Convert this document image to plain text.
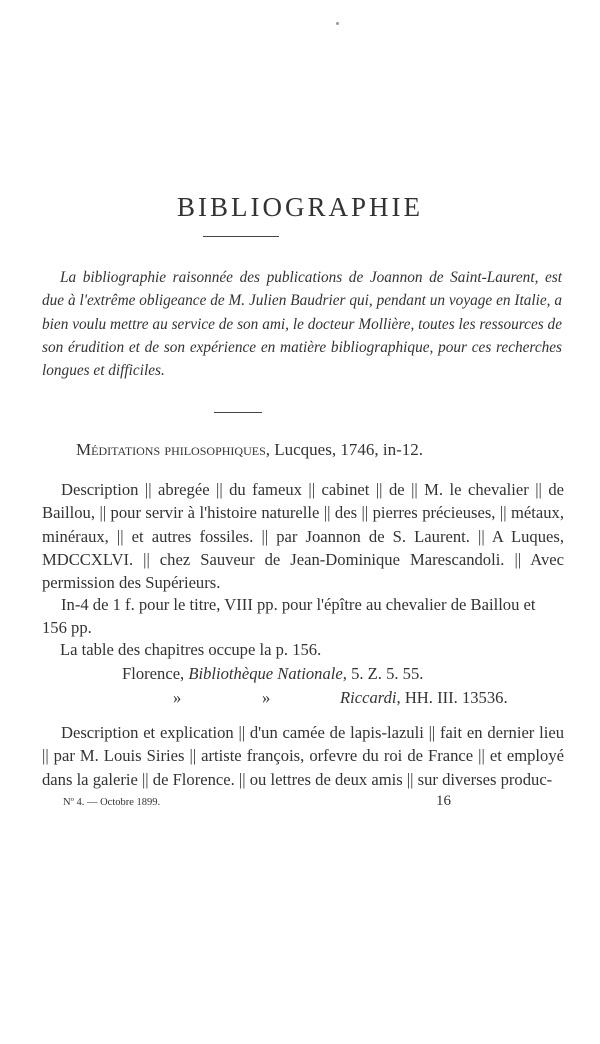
BIBLIOGRAPHIE
La bibliographie raisonnée des publications de Joannon de Saint-Laurent, est due à l'extrême obligeance de M. Julien Baudrier qui, pendant un voyage en Italie, a bien voulu mettre au service de son ami, le docteur Mollière, toutes les ressources de son érudition et de son expérience en matière bibliographique, pour ces recherches longues et difficiles.
Méditations philosophiques, Lucques, 1746, in-12.
Description || abregée || du fameux || cabinet || de || M. le chevalier || de Baillou, || pour servir à l'histoire naturelle || des || pierres précieuses, || métaux, minéraux, || et autres fossiles. || par Joannon de S. Laurent. || A Luques, MDCCXLVI. || chez Sauveur de Jean-Dominique Marescandoli. || Avec permission des Supérieurs.
In-4 de 1 f. pour le titre, VIII pp. pour l'épître au chevalier de Baillou et 156 pp.
La table des chapitres occupe la p. 156.
Florence, Bibliothèque Nationale, 5. Z. 5. 55.
»	»	Riccardi, HH. III. 13536.
Description et explication || d'un camée de lapis-lazuli || fait en dernier lieu || par M. Louis Siries || artiste françois, orfevre du roi de France || et employé dans la galerie || de Florence. || ou lettres de deux amis || sur diverses produc-
Nº 4. — Octobre 1899.	16
